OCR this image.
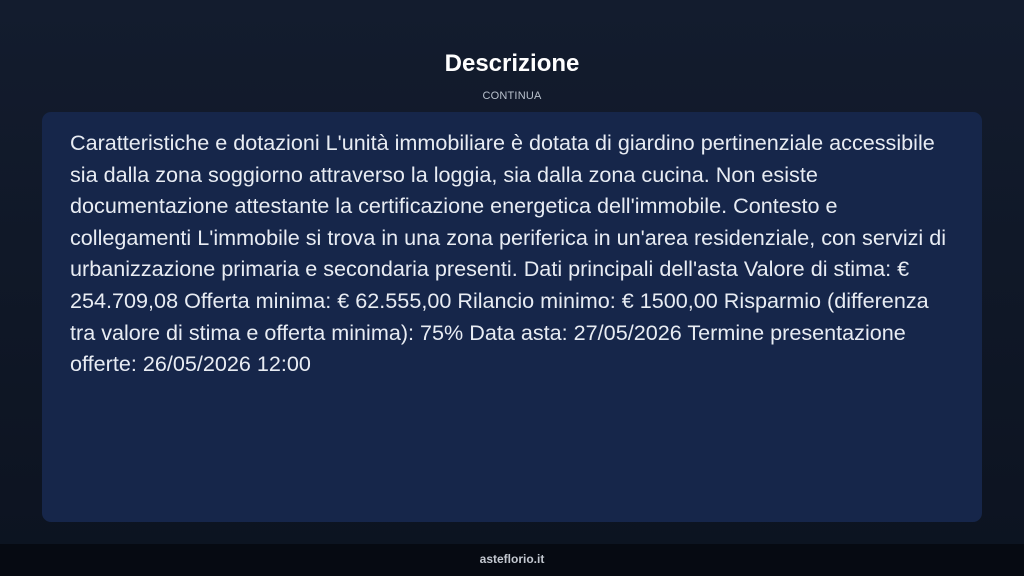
Descrizione
CONTINUA

Caratteristiche e dotazioni L'unità immobiliare è dotata di giardino pertinenziale accessibile sia dalla zona soggiorno attraverso la loggia, sia dalla zona cucina. Non esiste documentazione attestante la certificazione energetica dell'immobile. Contesto e collegamenti L'immobile si trova in una zona periferica in un'area residenziale, con servizi di urbanizzazione primaria e secondaria presenti. Dati principali dell'asta Valore di stima: € 254.709,08 Offerta minima: € 62.555,00 Rilancio minimo: € 1500,00 Risparmio (differenza tra valore di stima e offerta minima): 75% Data asta: 27/05/2026 Termine presentazione offerte: 26/05/2026 12:00

asteflorio.it
